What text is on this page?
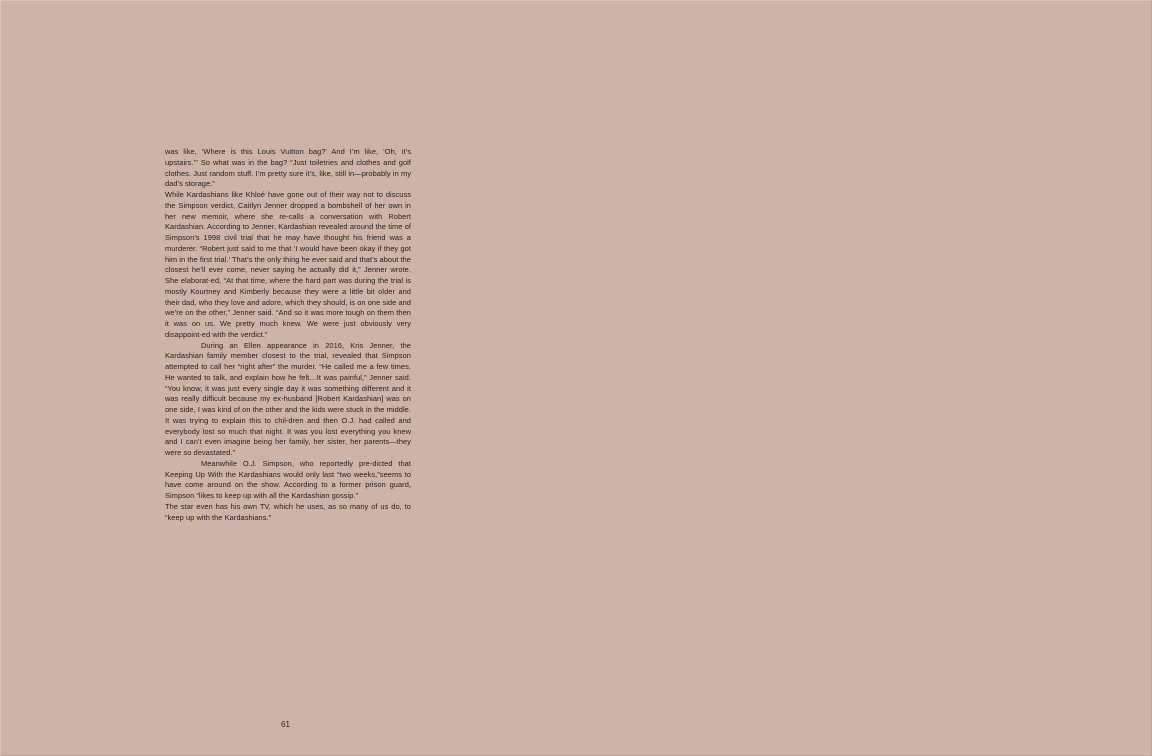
was like, ‘Where is this Louis Vuitton bag?’ And I’m like, ‘Oh, it’s upstairs.’” So what was in the bag? “Just toiletries and clothes and golf clothes. Just random stuff. I’m pretty sure it’s, like, still in—probably in my dad’s storage.”

While Kardashians like Khloé have gone out of their way not to discuss the Simpson verdict, Caitlyn Jenner dropped a bombshell of her own in her new memoir, where she re-calls a conversation with Robert Kardashian. According to Jenner, Kardashian revealed around the time of Simpson’s 1998 civil trial that he may have thought his friend was a murderer. “Robert just said to me that ‘I would have been okay if they got him in the first trial.’ That’s the only thing he ever said and that’s about the closest he’ll ever come, never saying he actually did it,” Jenner wrote. She elaborat-ed, “At that time, where the hard part was during the trial is mostly Kourtney and Kimberly because they were a little bit older and their dad, who they love and adore, which they should, is on one side and we’re on the other,” Jenner said. “And so it was more tough on them then it was on us. We pretty much knew. We were just obviously very disappoint-ed with the verdict.”

During an Ellen appearance in 2016, Kris Jenner, the Kardashian family member closest to the trial, revealed that Simpson attempted to call her “right after” the murder. “He called me a few times. He wanted to talk, and explain how he felt…It was painful,” Jenner said. “You know, it was just every single day it was something different and it was really difficult because my ex-husband [Robert Kardashian] was on one side, I was kind of on the other and the kids were stuck in the middle. It was trying to explain this to chil-dren and then O.J. had called and everybody lost so much that night. It was you lost everything you knew and I can’t even imagine being her family, her sister, her parents—they were so devastated.”

Meanwhile O.J. Simpson, who reportedly pre-dicted that Keeping Up With the Kardashians would only last “two weeks,”seems to have come around on the show. According to a former prison guard, Simpson “likes to keep up with all the Kardashian gossip.”

The star even has his own TV, which he uses, as so many of us do, to “keep up with the Kardashians.”

61
